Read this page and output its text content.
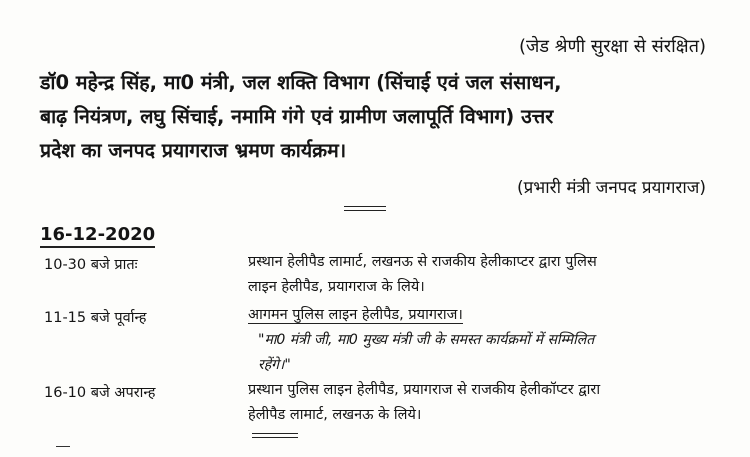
(जेड श्रेणी सुरक्षा से संरक्षित)
डॉ0 महेन्द्र सिंह, मा0 मंत्री, जल शक्ति विभाग (सिंचाई एवं जल संसाधन,
बाढ़ नियंत्रण, लघु सिंचाई, नमामि गंगे एवं ग्रामीण जलापूर्ति विभाग) उत्तर
प्रदेश का जनपद प्रयागराज भ्रमण कार्यक्रम।
(प्रभारी मंत्री जनपद प्रयागराज)
16-12-2020
10-30 बजे प्रातः	प्रस्थान हेलीपैड लामार्ट, लखनऊ से राजकीय हेलीकाप्टर द्वारा पुलिस
लाइन हेलीपैड, प्रयागराज के लिये।
11-15 बजे पूर्वान्ह	आगमन पुलिस लाइन हेलीपैड, प्रयागराज।
"मा0 मंत्री जी, मा0 मुख्य मंत्री जी के समस्त कार्यक्रमों में सम्मिलित
रहेंगे।"
16-10 बजे अपरान्ह	प्रस्थान पुलिस लाइन हेलीपैड, प्रयागराज से राजकीय हेलीकॉप्टर द्वारा
हेलीपैड लामार्ट, लखनऊ के लिये।
